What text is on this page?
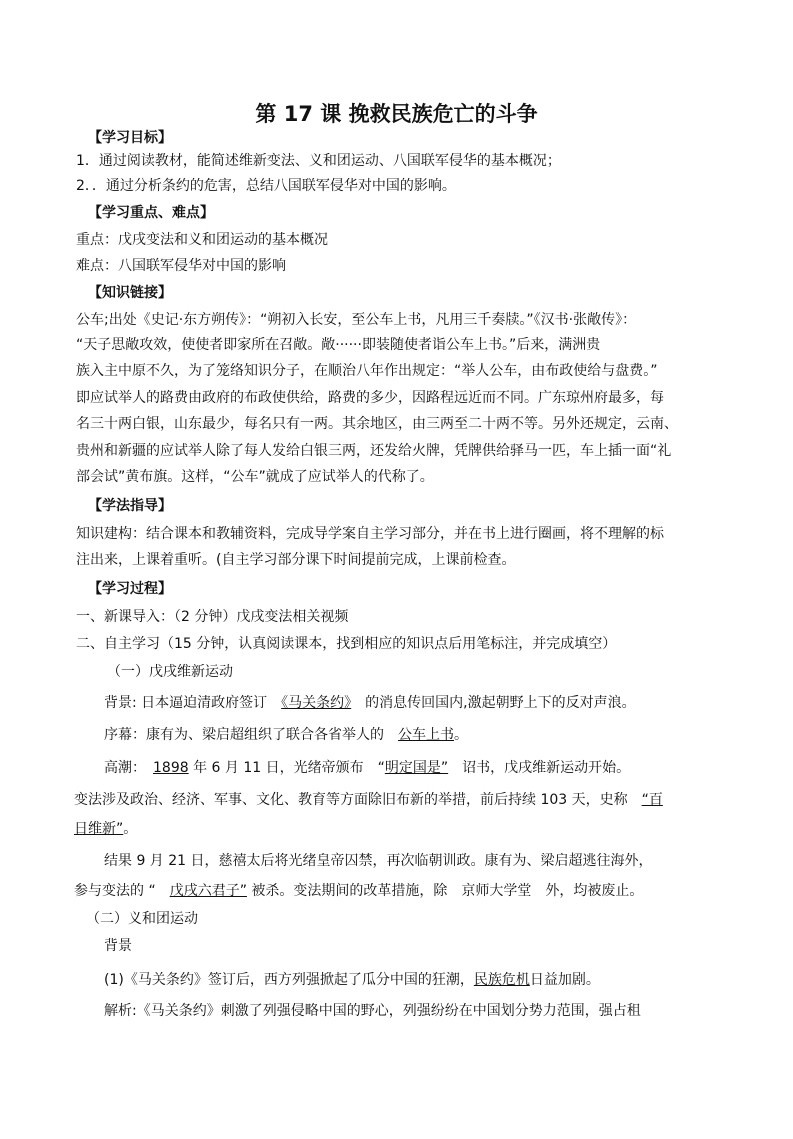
第 17 课 挽救民族危亡的斗争
【学习目标】
1．通过阅读教材，能简述维新变法、义和团运动、八国联军侵华的基本概况；
2．．通过分析条约的危害，总结八国联军侵华对中国的影响。
【学习重点、难点】
重点：戊戌变法和义和团运动的基本概况
难点：八国联军侵华对中国的影响
【知识链接】
公车;出处《史记·东方朔传》：“朔初入长安，至公车上书，凡用三千奏牍。”《汉书·张敞传》：
“天子思敞攻效，使使者即家所在召敞。敞······即装随使者诣公车上书。”后来，满洲贵
族入主中原不久，为了笼络知识分子，在顺治八年作出规定：“举人公车，由布政使给与盘费。”
即应试举人的路费由政府的布政使供给，路费的多少，因路程远近而不同。广东琼州府最多，每
名三十两白银，山东最少，每名只有一两。其余地区，由三两至二十两不等。另外还规定，云南、
贵州和新疆的应试举人除了每人发给白银三两，还发给火牌，凭牌供给驿马一匹，车上插一面“礼
部会试”黄布旗。这样，“公车”就成了应试举人的代称了。
【学法指导】
知识建构：结合课本和教辅资料，完成导学案自主学习部分，并在书上进行圈画，将不理解的标
注出来，上课着重听。(自主学习部分课下时间提前完成，上课前检查。
【学习过程】
一、新课导入：（2 分钟）戊戌变法相关视频
二、自主学习（15 分钟，认真阅读课本，找到相应的知识点后用笔标注，并完成填空）
（一）戊戌维新运动
背景: 日本逼迫清政府签订　《马关条约》　的消息传回国内,激起朝野上下的反对声浪。
序幕：康有为、梁启超组织了联合各省举人的　公车上书。
高潮：　1898 年 6 月 11 日，光绪帝颁布　“明定国是”　诏书，戊戌维新运动开始。
变法涉及政治、经济、军事、文化、教育等方面除旧布新的举措，前后持续 103 天，史称　“百
日维新”。
结果 9 月 21 日，慈禧太后将光绪皇帝囚禁，再次临朝训政。康有为、梁启超逃往海外，
参与变法的 “　戊戌六君子” 被杀。变法期间的改革措施，除　京师大学堂　外，均被废止。
（二）义和团运动
背景
(1)《马关条约》签订后，西方列强掀起了瓜分中国的狂潮，民族危机日益加剧。
解析:《马关条约》刺激了列强侵略中国的野心，列强纷纷在中国划分势力范围，强占租
